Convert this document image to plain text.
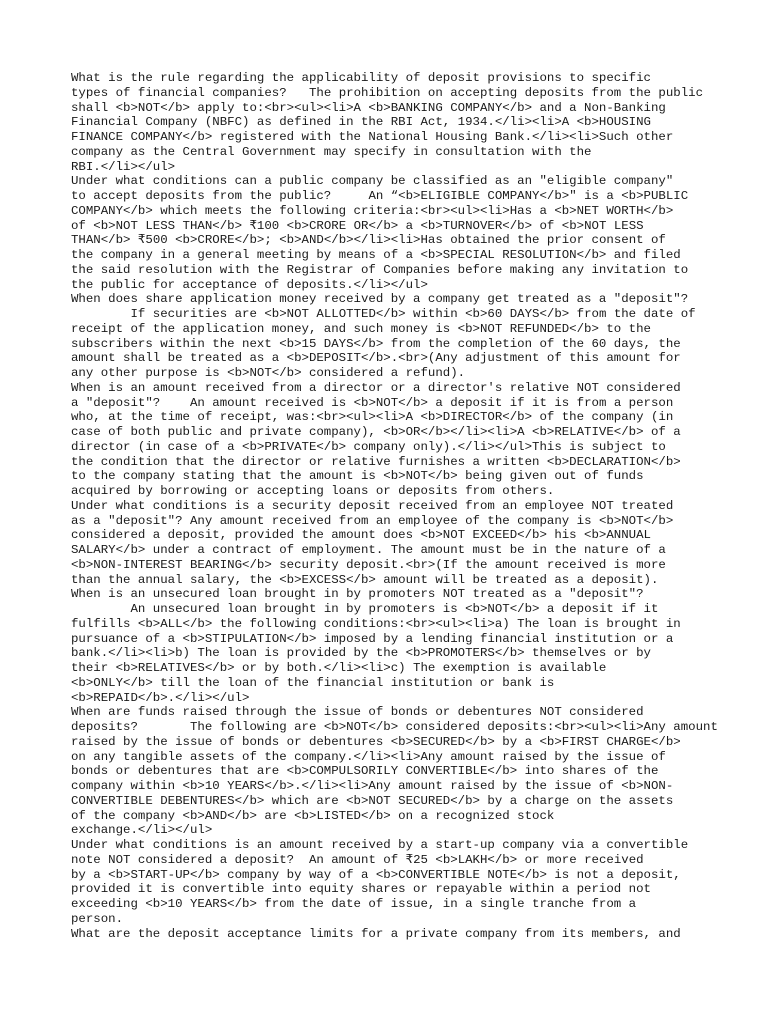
What is the rule regarding the applicability of deposit provisions to specific
types of financial companies?	The prohibition on accepting deposits from the public
shall <b>NOT</b> apply to:<br><ul><li>A <b>BANKING COMPANY</b> and a Non-Banking
Financial Company (NBFC) as defined in the RBI Act, 1934.</li><li>A <b>HOUSING
FINANCE COMPANY</b> registered with the National Housing Bank.</li><li>Such other
company as the Central Government may specify in consultation with the
RBI.</li></ul>
Under what conditions can a public company be classified as an "eligible company"
to accept deposits from the public?	An “<b>ELIGIBLE COMPANY</b>" is a <b>PUBLIC
COMPANY</b> which meets the following criteria:<br><ul><li>Has a <b>NET WORTH</b>
of <b>NOT LESS THAN</b> ₹100 <b>CRORE OR</b> a <b>TURNOVER</b> of <b>NOT LESS
THAN</b> ₹500 <b>CRORE</b>; <b>AND</b></li><li>Has obtained the prior consent of
the company in a general meeting by means of a <b>SPECIAL RESOLUTION</b> and filed
the said resolution with the Registrar of Companies before making any invitation to
the public for acceptance of deposits.</li></ul>
When does share application money received by a company get treated as a "deposit"?
	If securities are <b>NOT ALLOTTED</b> within <b>60 DAYS</b> from the date of
receipt of the application money, and such money is <b>NOT REFUNDED</b> to the
subscribers within the next <b>15 DAYS</b> from the completion of the 60 days, the
amount shall be treated as a <b>DEPOSIT</b>.<br>(Any adjustment of this amount for
any other purpose is <b>NOT</b> considered a refund).
When is an amount received from a director or a director's relative NOT considered
a "deposit"?	An amount received is <b>NOT</b> a deposit if it is from a person
who, at the time of receipt, was:<br><ul><li>A <b>DIRECTOR</b> of the company (in
case of both public and private company), <b>OR</b></li><li>A <b>RELATIVE</b> of a
director (in case of a <b>PRIVATE</b> company only).</li></ul>This is subject to
the condition that the director or relative furnishes a written <b>DECLARATION</b>
to the company stating that the amount is <b>NOT</b> being given out of funds
acquired by borrowing or accepting loans or deposits from others.
Under what conditions is a security deposit received from an employee NOT treated
as a "deposit"?	Any amount received from an employee of the company is <b>NOT</b>
considered a deposit, provided the amount does <b>NOT EXCEED</b> his <b>ANNUAL
SALARY</b> under a contract of employment. The amount must be in the nature of a
<b>NON-INTEREST BEARING</b> security deposit.<br>(If the amount received is more
than the annual salary, the <b>EXCESS</b> amount will be treated as a deposit).
When is an unsecured loan brought in by promoters NOT treated as a "deposit"?
	An unsecured loan brought in by promoters is <b>NOT</b> a deposit if it
fulfills <b>ALL</b> the following conditions:<br><ul><li>a) The loan is brought in
pursuance of a <b>STIPULATION</b> imposed by a lending financial institution or a
bank.</li><li>b) The loan is provided by the <b>PROMOTERS</b> themselves or by
their <b>RELATIVES</b> or by both.</li><li>c) The exemption is available
<b>ONLY</b> till the loan of the financial institution or bank is
<b>REPAID</b>.</li></ul>
When are funds raised through the issue of bonds or debentures NOT considered
deposits?	The following are <b>NOT</b> considered deposits:<br><ul><li>Any amount
raised by the issue of bonds or debentures <b>SECURED</b> by a <b>FIRST CHARGE</b>
on any tangible assets of the company.</li><li>Any amount raised by the issue of
bonds or debentures that are <b>COMPULSORILY CONVERTIBLE</b> into shares of the
company within <b>10 YEARS</b>.</li><li>Any amount raised by the issue of <b>NON-
CONVERTIBLE DEBENTURES</b> which are <b>NOT SECURED</b> by a charge on the assets
of the company <b>AND</b> are <b>LISTED</b> on a recognized stock
exchange.</li></ul>
Under what conditions is an amount received by a start-up company via a convertible
note NOT considered a deposit?	An amount of ₹25 <b>LAKH</b> or more received
by a <b>START-UP</b> company by way of a <b>CONVERTIBLE NOTE</b> is not a deposit,
provided it is convertible into equity shares or repayable within a period not
exceeding <b>10 YEARS</b> from the date of issue, in a single tranche from a
person.
What are the deposit acceptance limits for a private company from its members, and
